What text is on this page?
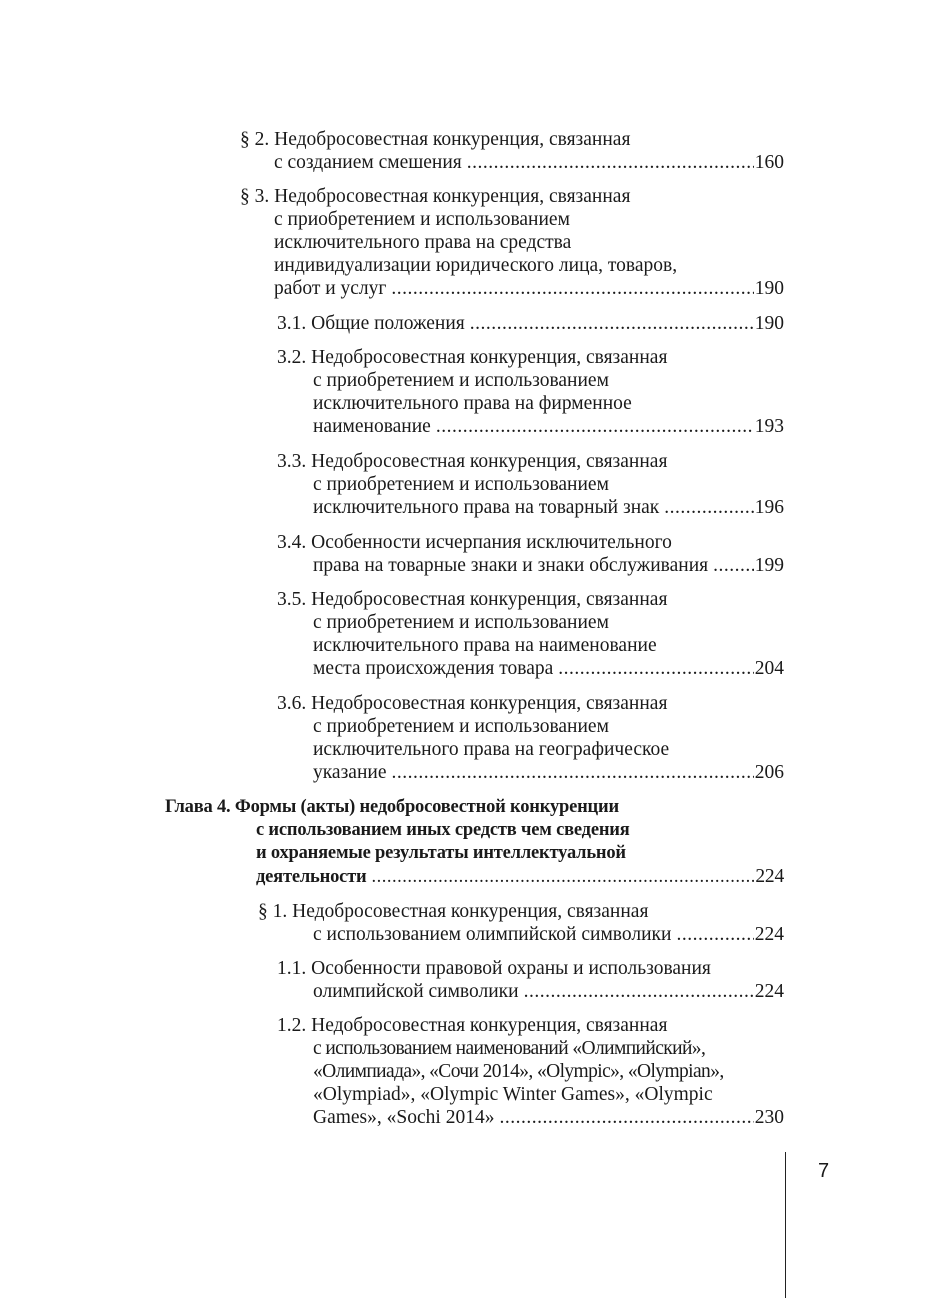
§ 2. Недобросовестная конкуренция, связанная
с созданием смешения .....	160
§ 3. Недобросовестная конкуренция, связанная
с приобретением и использованием
исключительного права на средства
индивидуализации юридического лица, товаров,
работ и услуг .....	190
3.1. Общие положения .....	190
3.2. Недобросовестная конкуренция, связанная
с приобретением и использованием
исключительного права на фирменное
наименование .....	193
3.3. Недобросовестная конкуренция, связанная
с приобретением и использованием
исключительного права на товарный знак .....	196
3.4. Особенности исчерпания исключительного
права на товарные знаки и знаки обслуживания ..... 199
3.5. Недобросовестная конкуренция, связанная
с приобретением и использованием
исключительного права на наименование
места происхождения товара .....	204
3.6. Недобросовестная конкуренция, связанная
с приобретением и использованием
исключительного права на географическое
указание .....	206
Глава 4. Формы (акты) недобросовестной конкуренции
с использованием иных средств чем сведения
и охраняемые результаты интеллектуальной
деятельности .....	224
§ 1. Недобросовестная конкуренция, связанная
с использованием олимпийской символики .....	224
1.1. Особенности правовой охраны и использования
олимпийской символики .....	224
1.2. Недобросовестная конкуренция, связанная
с использованием наименований «Олимпийский»,
«Олимпиада», «Сочи 2014», «Olympic», «Olympian»,
«Olympiad», «Olympic Winter Games», «Olympic
Games», «Sochi 2014» .....	230
7
